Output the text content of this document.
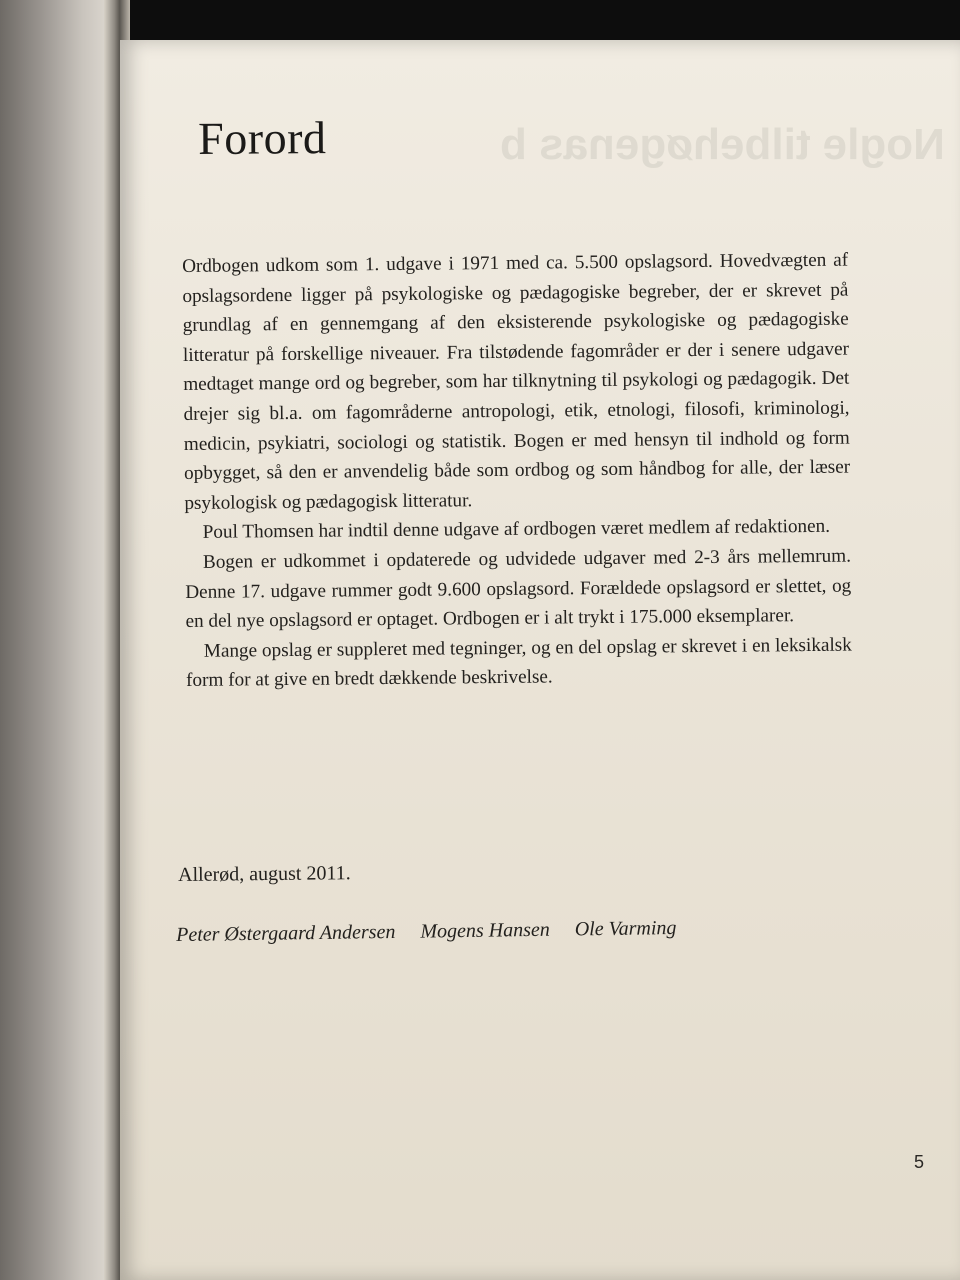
Nogle tilbehøgenas b
Forord

Ordbogen udkom som 1. udgave i 1971 med ca. 5.500 opslagsord. Hovedvægten af opslagsordene ligger på psykologiske og pædagogiske begreber, der er skrevet på grundlag af en gennemgang af den eksisterende psykologiske og pædagogiske litteratur på forskellige niveauer. Fra tilstødende fagområder er der i senere udgaver medtaget mange ord og begreber, som har tilknytning til psykologi og pædagogik. Det drejer sig bl.a. om fagområderne antropologi, etik, etnologi, filosofi, kriminologi, medicin, psykiatri, sociologi og statistik. Bogen er med hensyn til indhold og form opbygget, så den er anvendelig både som ordbog og som håndbog for alle, der læser psykologisk og pædagogisk litteratur.

Poul Thomsen har indtil denne udgave af ordbogen været medlem af redaktionen.

Bogen er udkommet i opdaterede og udvidede udgaver med 2-3 års mellemrum. Denne 17. udgave rummer godt 9.600 opslagsord. Forældede opslagsord er slettet, og en del nye opslagsord er optaget. Ordbogen er i alt trykt i 175.000 eksemplarer.

Mange opslag er suppleret med tegninger, og en del opslag er skrevet i en leksikalsk form for at give en bredt dækkende beskrivelse.

Allerød, august 2011.
Peter Østergaard Andersen Mogens Hansen Ole Varming
5
